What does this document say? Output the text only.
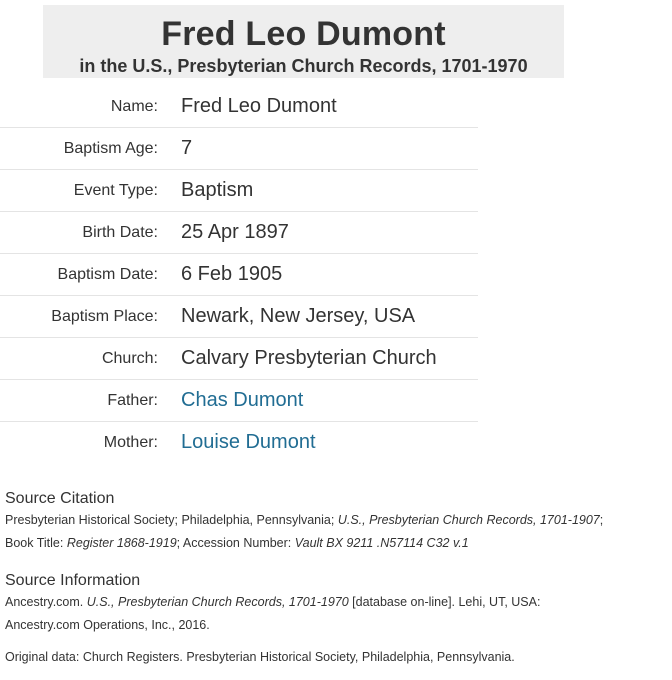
Fred Leo Dumont
in the U.S., Presbyterian Church Records, 1701-1970
Name:	Fred Leo Dumont
Baptism Age:	7
Event Type:	Baptism
Birth Date:	25 Apr 1897
Baptism Date:	6 Feb 1905
Baptism Place:	Newark, New Jersey, USA
Church:	Calvary Presbyterian Church
Father:	Chas Dumont
Mother:	Louise Dumont
Source Citation
Presbyterian Historical Society; Philadelphia, Pennsylvania; U.S., Presbyterian Church Records, 1701-1907;
Book Title: Register 1868-1919; Accession Number: Vault BX 9211 .N57114 C32 v.1
Source Information
Ancestry.com. U.S., Presbyterian Church Records, 1701-1970 [database on-line]. Lehi, UT, USA:
Ancestry.com Operations, Inc., 2016.
Original data: Church Registers. Presbyterian Historical Society, Philadelphia, Pennsylvania.
